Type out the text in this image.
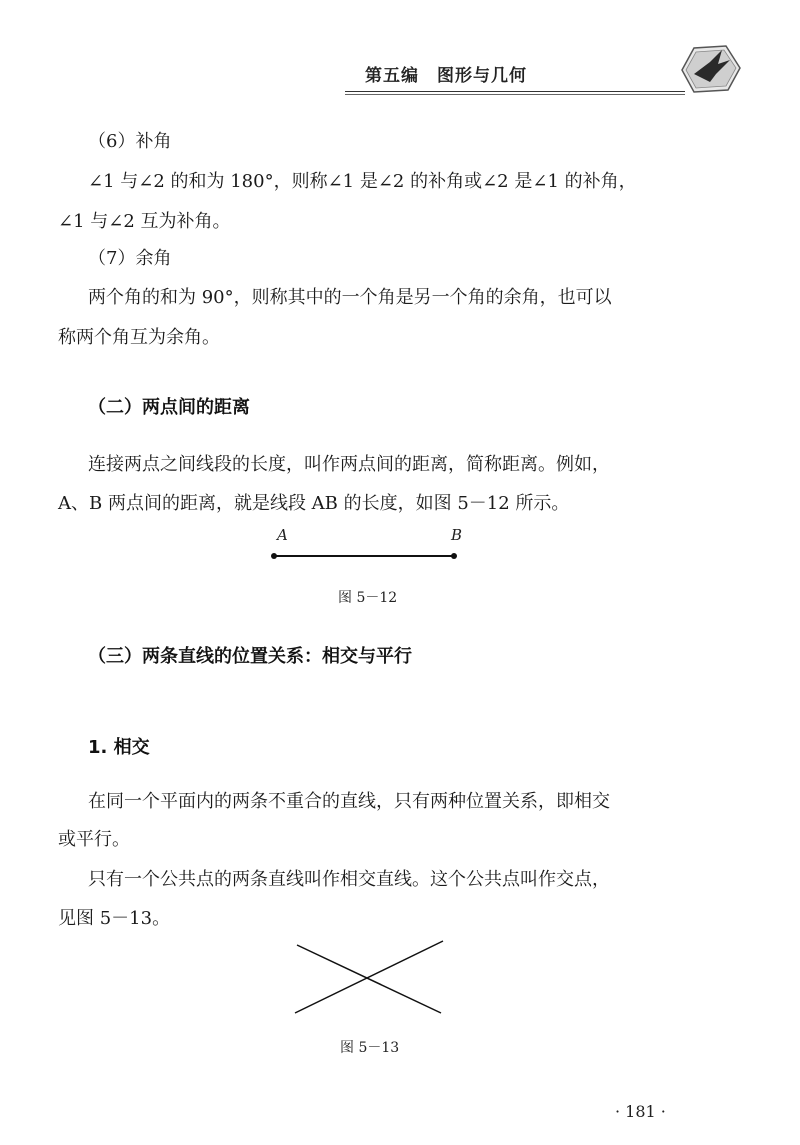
第五编　图形与几何
（6）补角
∠1 与∠2 的和为 180°，则称∠1 是∠2 的补角或∠2 是∠1 的补角，
∠1 与∠2 互为补角。
（7）余角
两个角的和为 90°，则称其中的一个角是另一个角的余角，也可以
称两个角互为余角。
（二）两点间的距离
连接两点之间线段的长度，叫作两点间的距离，简称距离。例如，
A、B 两点间的距离，就是线段 AB 的长度，如图 5－12 所示。
A	B
图 5－12
（三）两条直线的位置关系：相交与平行
1. 相交
在同一个平面内的两条不重合的直线，只有两种位置关系，即相交
或平行。
只有一个公共点的两条直线叫作相交直线。这个公共点叫作交点，
见图 5－13。
图 5－13
· 181 ·
